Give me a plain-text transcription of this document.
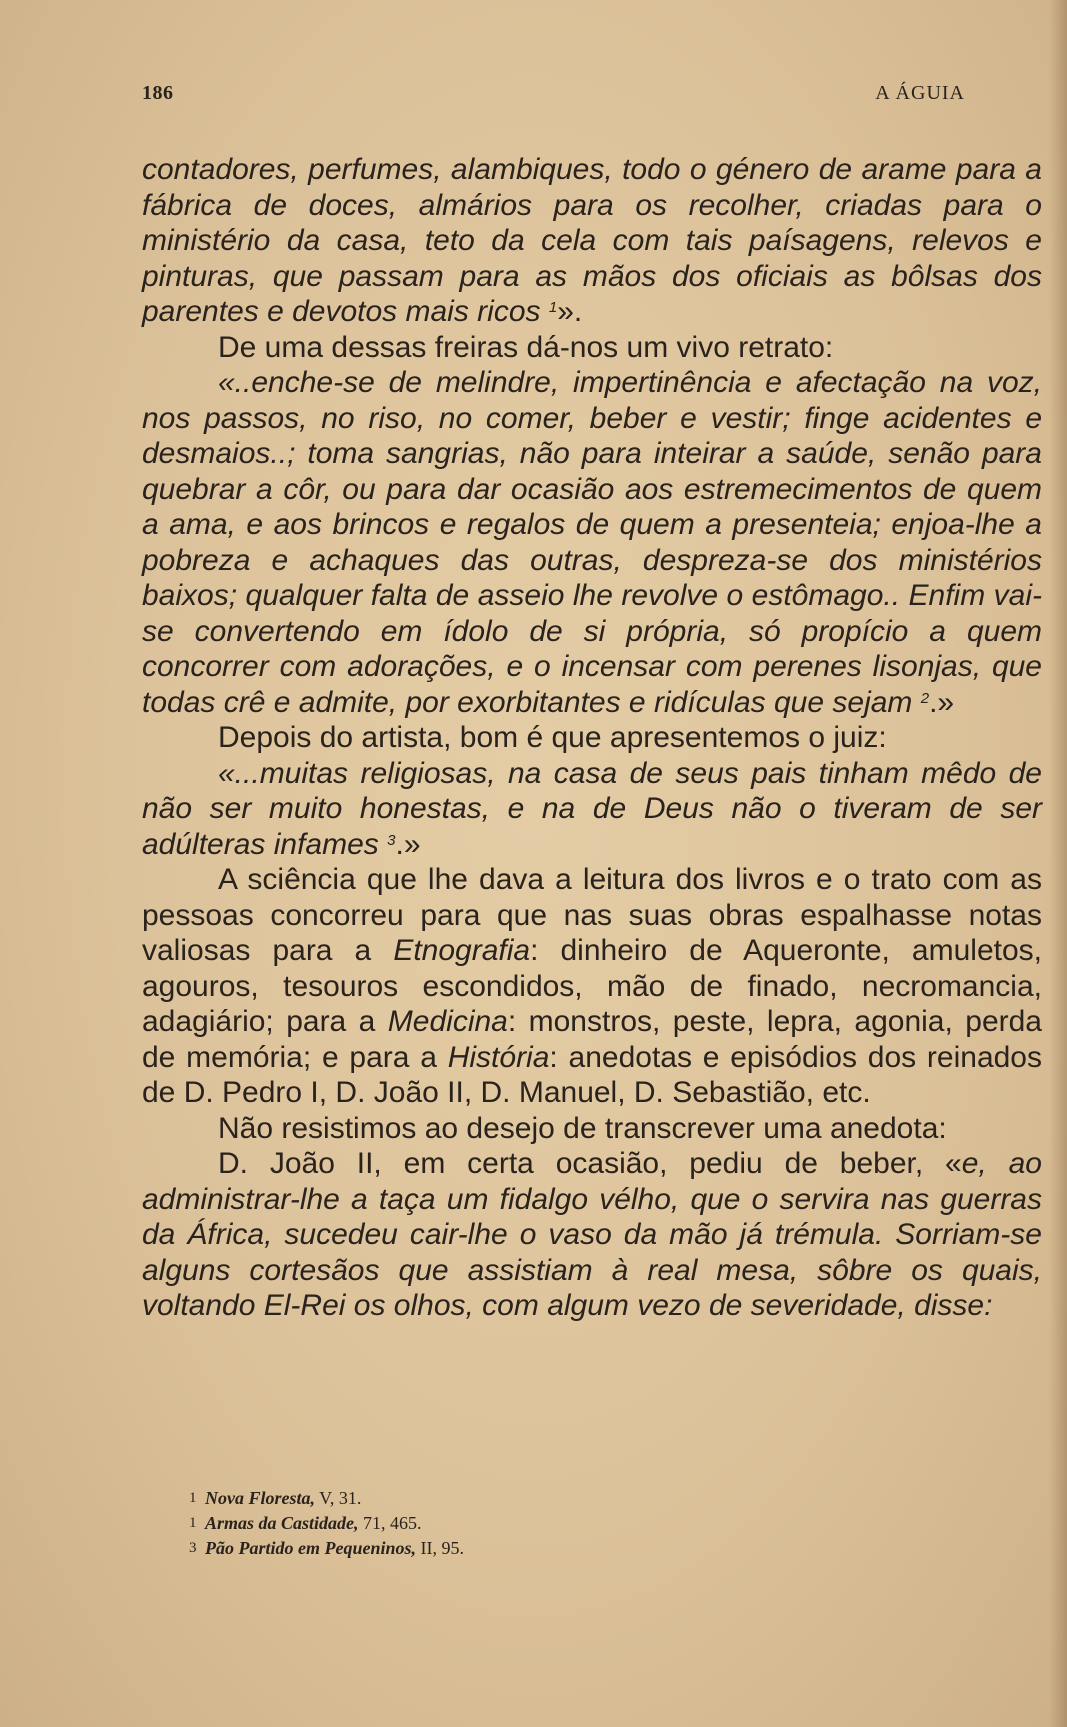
186	A ÁGUIA

contadores, perfumes, alambiques, todo o género de arame para a fábrica de doces, almários para os recolher, criadas para o ministério da casa, teto da cela com tais paísagens, relevos e pinturas, que passam para as mãos dos oficiais as bôlsas dos parentes e devotos mais ricos $^1$».

De uma dessas freiras dá-nos um vivo retrato:

«..enche-se de melindre, impertinência e afectação na voz, nos passos, no riso, no comer, beber e vestir; finge acidentes e desmaios..; toma sangrias, não para inteirar a saúde, senão para quebrar a côr, ou para dar ocasião aos estremecimentos de quem a ama, e aos brincos e regalos de quem a presenteia; enjoa-lhe a pobreza e achaques das outras, despreza-se dos ministérios baixos; qualquer falta de asseio lhe revolve o estômago.. Enfim vai-se convertendo em ídolo de si própria, só propício a quem concorrer com adorações, e o incensar com perenes lisonjas, que todas crê e admite, por exorbitantes e ridículas que sejam $^2$.»

Depois do artista, bom é que apresentemos o juiz:

«...muitas religiosas, na casa de seus pais tinham mêdo de não ser muito honestas, e na de Deus não o tiveram de ser adúlteras infames $^3$.»

A sciência que lhe dava a leitura dos livros e o trato com as pessoas concorreu para que nas suas obras espalhasse notas valiosas para a Etnografia: dinheiro de Aqueronte, amuletos, agouros, tesouros escondidos, mão de finado, necromancia, adagiário; para a Medicina: monstros, peste, lepra, agonia, perda de memória; e para a História: anedotas e episódios dos reinados de D. Pedro I, D. João II, D. Manuel, D. Sebastião, etc.

Não resistimos ao desejo de transcrever uma anedota:

D. João II, em certa ocasião, pediu de beber, «e, ao administrar-lhe a taça um fidalgo vélho, que o servira nas guerras da África, sucedeu cair-lhe o vaso da mão já trémula. Sorriam-se alguns cortesãos que assistiam à real mesa, sôbre os quais, voltando El-Rei os olhos, com algum vezo de severidade, disse:

1 Nova Floresta, V, 31.
1 Armas da Castidade, 71, 465.
3 Pão Partido em Pequeninos, II, 95.
